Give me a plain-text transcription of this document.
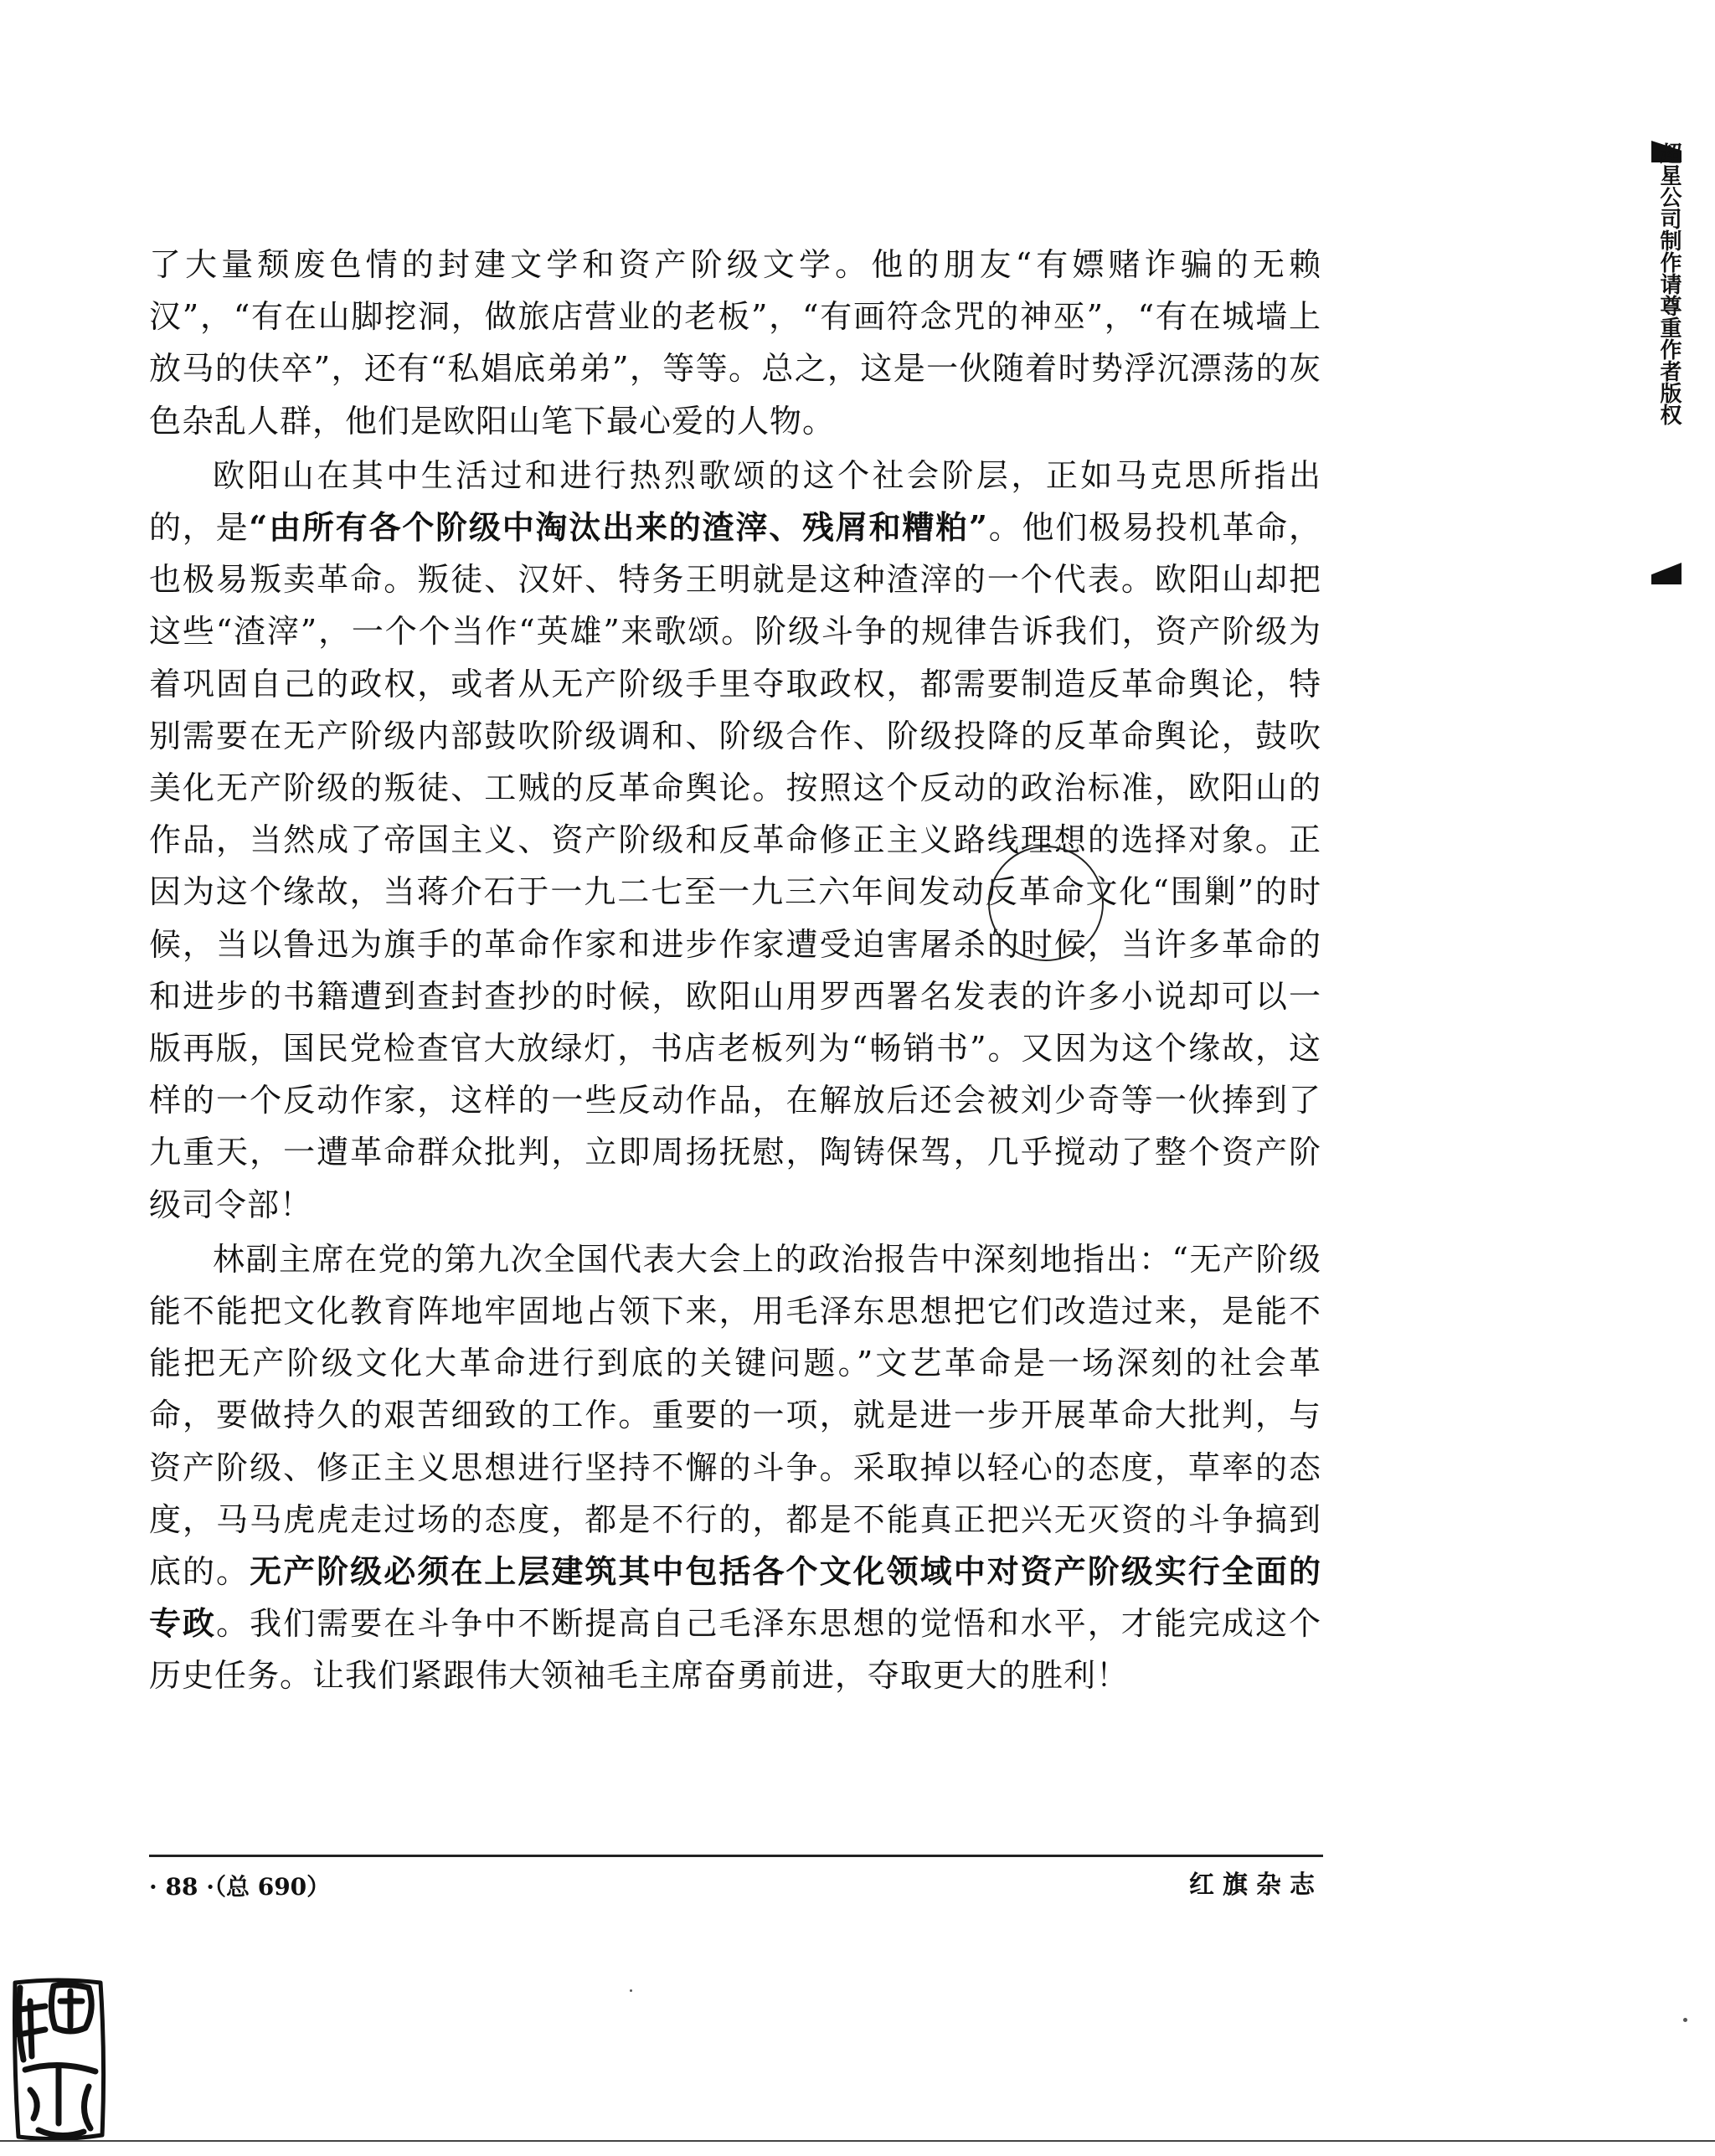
了大量颓废色情的封建文学和资产阶级文学。他的朋友“有嫖赌诈骗的无赖汉”，“有在山脚挖洞，做旅店营业的老板”，“有画符念咒的神巫”，“有在城墙上放马的伕卒”，还有“私娼底弟弟”，等等。总之，这是一伙随着时势浮沉漂荡的灰色杂乱人群，他们是欧阳山笔下最心爱的人物。

欧阳山在其中生活过和进行热烈歌颂的这个社会阶层，正如马克思所指出的，是“由所有各个阶级中淘汰出来的渣滓、残屑和糟粕”。他们极易投机革命，也极易叛卖革命。叛徒、汉奸、特务王明就是这种渣滓的一个代表。欧阳山却把这些“渣滓”，一个个当作“英雄”来歌颂。阶级斗争的规律告诉我们，资产阶级为着巩固自己的政权，或者从无产阶级手里夺取政权，都需要制造反革命舆论，特别需要在无产阶级内部鼓吹阶级调和、阶级合作、阶级投降的反革命舆论，鼓吹美化无产阶级的叛徒、工贼的反革命舆论。按照这个反动的政治标准，欧阳山的作品，当然成了帝国主义、资产阶级和反革命修正主义路线理想的选择对象。正因为这个缘故，当蒋介石于一九二七至一九三六年间发动反革命文化“围剿”的时候，当以鲁迅为旗手的革命作家和进步作家遭受迫害屠杀的时候，当许多革命的和进步的书籍遭到查封查抄的时候，欧阳山用罗西署名发表的许多小说却可以一版再版，国民党检查官大放绿灯，书店老板列为“畅销书”。又因为这个缘故，这样的一个反动作家，这样的一些反动作品，在解放后还会被刘少奇等一伙捧到了九重天，一遭革命群众批判，立即周扬抚慰，陶铸保驾，几乎搅动了整个资产阶级司令部！

林副主席在党的第九次全国代表大会上的政治报告中深刻地指出：“无产阶级能不能把文化教育阵地牢固地占领下来，用毛泽东思想把它们改造过来，是能不能把无产阶级文化大革命进行到底的关键问题。”文艺革命是一场深刻的社会革命，要做持久的艰苦细致的工作。重要的一项，就是进一步开展革命大批判，与资产阶级、修正主义思想进行坚持不懈的斗争。采取掉以轻心的态度，草率的态度，马马虎虎走过场的态度，都是不行的，都是不能真正把兴无灭资的斗争搞到底的。无产阶级必须在上层建筑其中包括各个文化领域中对资产阶级实行全面的专政。我们需要在斗争中不断提高自己毛泽东思想的觉悟和水平，才能完成这个历史任务。让我们紧跟伟大领袖毛主席奋勇前进，夺取更大的胜利！

· 88 ·（总 690）	红旗杂志
超星公司制作请尊重作者版权
